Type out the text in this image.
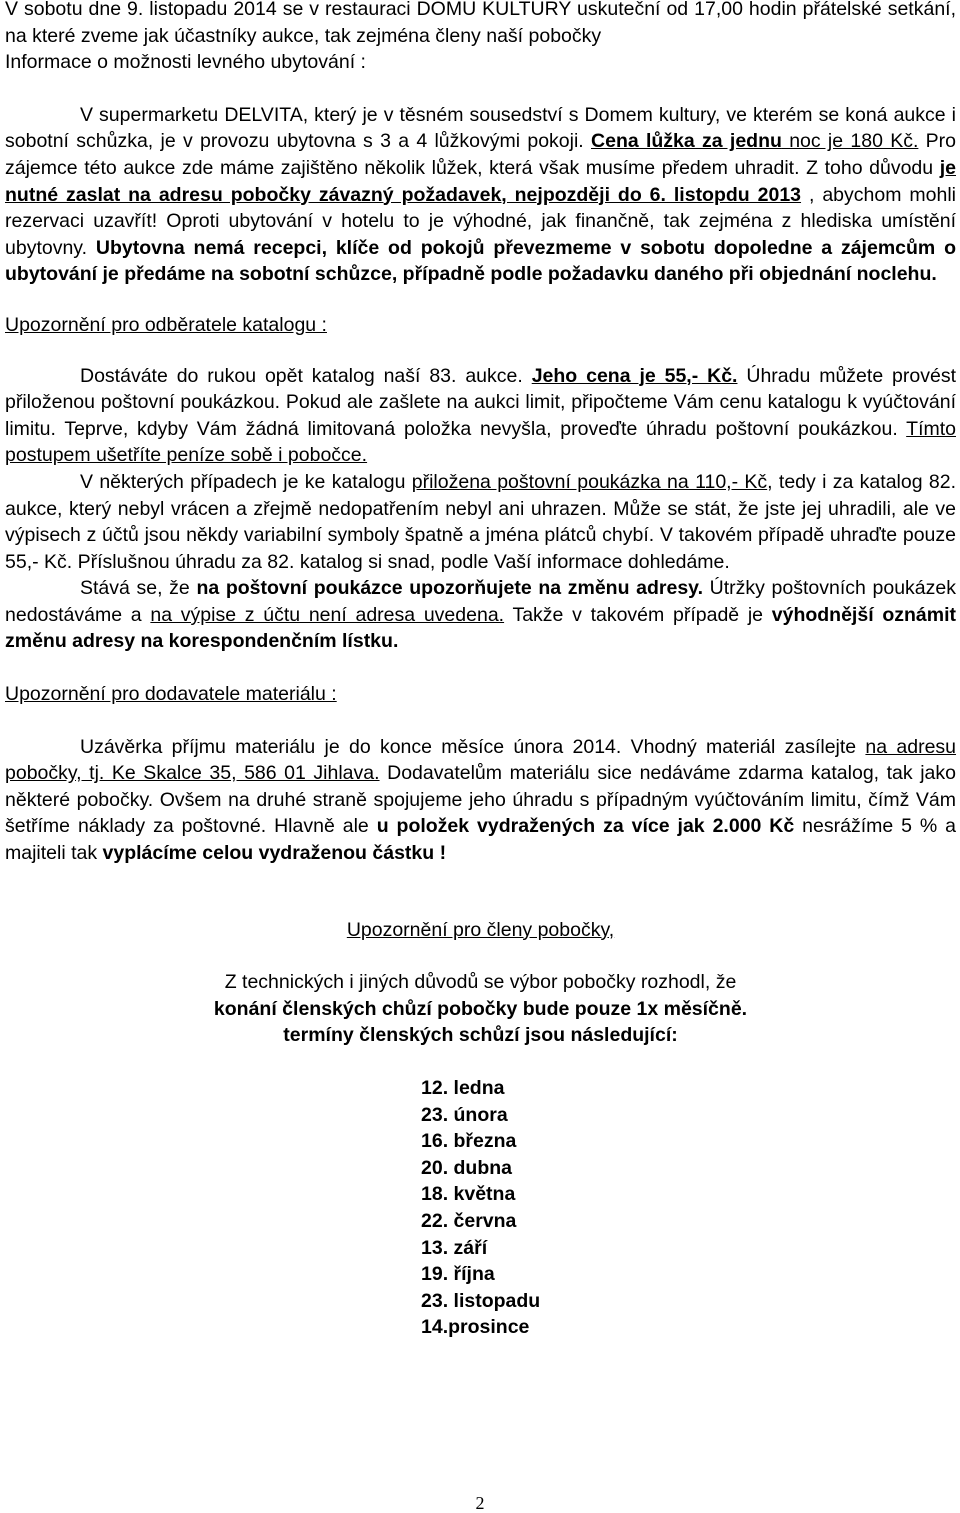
V sobotu dne 9. listopadu 2014 se v restauraci DOMU KULTURY uskuteční od 17,00 hodin přátelské setkání, na které zveme jak účastníky aukce, tak zejména členy naší pobočky

Informace o možnosti levného ubytování :

V supermarketu DELVITA, který je v těsném sousedství s Domem kultury, ve kterém se koná aukce i sobotní schůzka, je v provozu ubytovna s 3 a 4 lůžkovými pokoji. Cena lůžka za jednu noc je 180 Kč. Pro zájemce této aukce zde máme zajištěno několik lůžek, která však musíme předem uhradit. Z toho důvodu je nutné zaslat na adresu pobočky závazný požadavek, nejpozději do 6. listopdu 2013 , abychom mohli rezervaci uzavřít! Oproti ubytování v hotelu to je výhodné, jak finančně, tak zejména z hlediska umístění ubytovny. Ubytovna nemá recepci, klíče od pokojů převezmeme v sobotu dopoledne a zájemcům o ubytování je předáme na sobotní schůzce, případně podle požadavku daného při objednání noclehu.

Upozornění pro odběratele katalogu :

Dostáváte do rukou opět katalog naší 83. aukce. Jeho cena je 55,- Kč. Úhradu můžete provést přiloženou poštovní poukázkou. Pokud ale zašlete na aukci limit, připočteme Vám cenu katalogu k vyúčtování limitu. Teprve, kdyby Vám žádná limitovaná položka nevyšla, proveďte úhradu poštovní poukázkou. Tímto postupem ušetříte peníze sobě i pobočce.

V některých případech je ke katalogu přiložena poštovní poukázka na 110,- Kč, tedy i za katalog 82. aukce, který nebyl vrácen a zřejmě nedopatřením nebyl ani uhrazen. Může se stát, že jste jej uhradili, ale ve výpisech z účtů jsou někdy variabilní symboly špatně a jména plátců chybí. V takovém případě uhraďte pouze 55,- Kč. Příslušnou úhradu za 82. katalog si snad, podle Vaší informace dohledáme.

Stává se, že na poštovní poukázce upozorňujete na změnu adresy. Útržky poštovních poukázek nedostáváme a na výpise z účtu není adresa uvedena. Takže v takovém případě je výhodnější oznámit změnu adresy na korespondenčním lístku.

Upozornění pro dodavatele materiálu :

Uzávěrka příjmu materiálu je do konce měsíce února 2014. Vhodný materiál zasílejte na adresu pobočky, tj. Ke Skalce 35, 586 01 Jihlava. Dodavatelům materiálu sice nedáváme zdarma katalog, tak jako některé pobočky. Ovšem na druhé straně spojujeme jeho úhradu s případným vyúčtováním limitu, čímž Vám šetříme náklady za poštovné. Hlavně ale u položek vydražených za více jak 2.000 Kč nesrážíme 5 % a majiteli tak vyplácíme celou vydraženou částku !

Upozornění pro členy pobočky,

Z technických i jiných důvodů se výbor pobočky rozhodl, že

konání členských chůzí pobočky bude pouze 1x měsíčně.

termíny členských schůzí jsou následující:

12. ledna
23. února
16. března
20. dubna
18. května
22. června
13. září
19. října
23. listopadu
14.prosince
2
